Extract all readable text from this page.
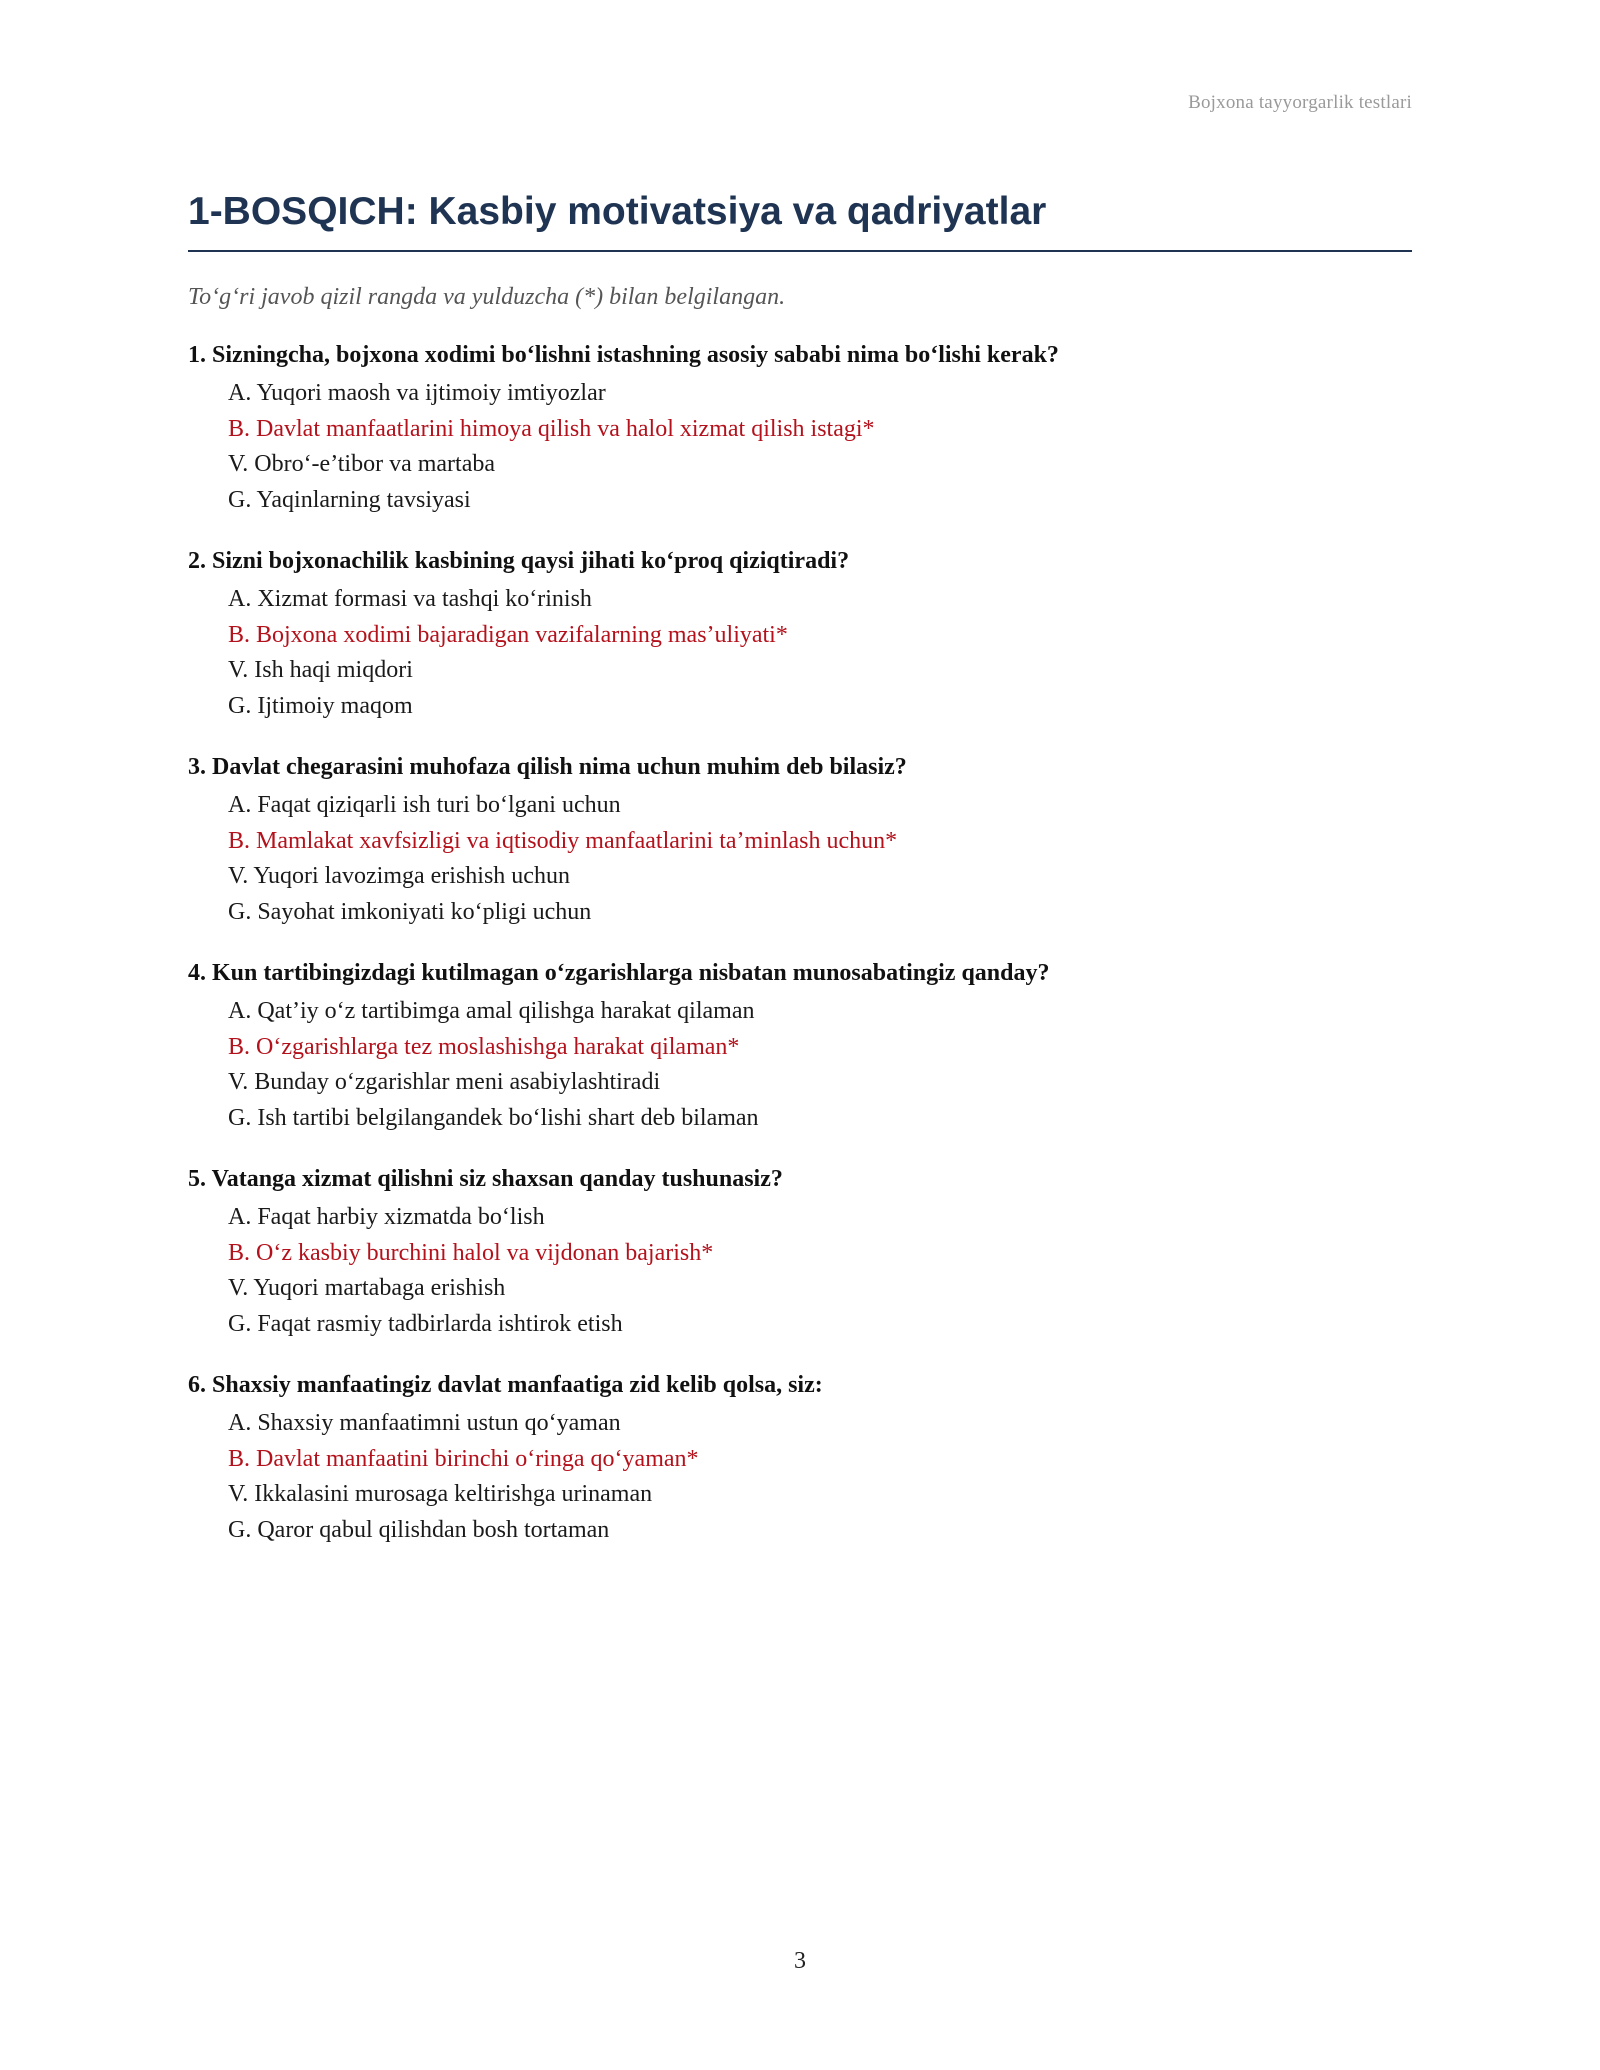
Bojxona tayyorgarlik testlari
1-BOSQICH: Kasbiy motivatsiya va qadriyatlar
To‘g‘ri javob qizil rangda va yulduzcha (*) bilan belgilangan.
1. Sizningcha, bojxona xodimi bo‘lishni istashning asosiy sababi nima bo‘lishi kerak?
A. Yuqori maosh va ijtimoiy imtiyozlar
B. Davlat manfaatlarini himoya qilish va halol xizmat qilish istagi*
V. Obro‘-e’tibor va martaba
G. Yaqinlarning tavsiyasi
2. Sizni bojxonachilik kasbining qaysi jihati ko‘proq qiziqtiradi?
A. Xizmat formasi va tashqi ko‘rinish
B. Bojxona xodimi bajaradigan vazifalarning mas’uliyati*
V. Ish haqi miqdori
G. Ijtimoiy maqom
3. Davlat chegarasini muhofaza qilish nima uchun muhim deb bilasiz?
A. Faqat qiziqarli ish turi bo‘lgani uchun
B. Mamlakat xavfsizligi va iqtisodiy manfaatlarini ta’minlash uchun*
V. Yuqori lavozimga erishish uchun
G. Sayohat imkoniyati ko‘pligi uchun
4. Kun tartibingizdagi kutilmagan o‘zgarishlarga nisbatan munosabatingiz qanday?
A. Qat’iy o‘z tartibimga amal qilishga harakat qilaman
B. O‘zgarishlarga tez moslashishga harakat qilaman*
V. Bunday o‘zgarishlar meni asabiylashtiradi
G. Ish tartibi belgilangandek bo‘lishi shart deb bilaman
5. Vatanga xizmat qilishni siz shaxsan qanday tushunasiz?
A. Faqat harbiy xizmatda bo‘lish
B. O‘z kasbiy burchini halol va vijdonan bajarish*
V. Yuqori martabaga erishish
G. Faqat rasmiy tadbirlarda ishtirok etish
6. Shaxsiy manfaatingiz davlat manfaatiga zid kelib qolsa, siz:
A. Shaxsiy manfaatimni ustun qo‘yaman
B. Davlat manfaatini birinchi o‘ringa qo‘yaman*
V. Ikkalasini murosaga keltirishga urinaman
G. Qaror qabul qilishdan bosh tortaman
3
